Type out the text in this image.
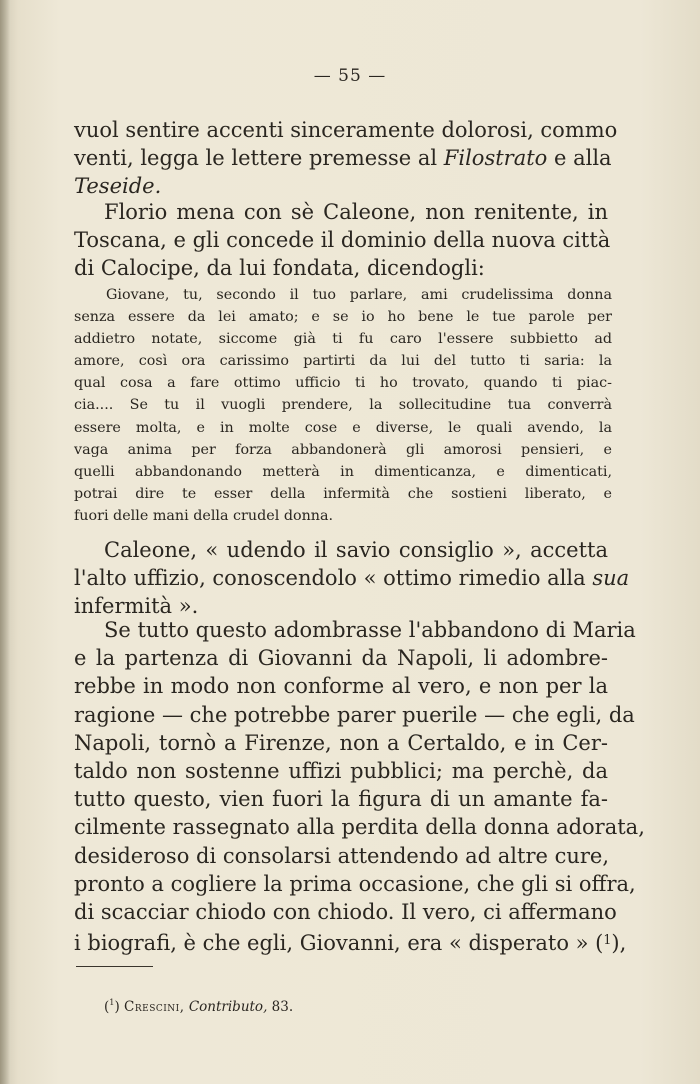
— 55 —
vuol sentire accenti sinceramente dolorosi, commo
venti, legga le lettere premesse al Filostrato e alla
Teseide.
Florio mena con sè Caleone, non renitente, in
Toscana, e gli concede il dominio della nuova città
di Calocipe, da lui fondata, dicendogli:
Giovane, tu, secondo il tuo parlare, ami crudelissima donna
senza essere da lei amato; e se io ho bene le tue parole per
addietro notate, siccome già ti fu caro l'essere subbietto ad
amore, così ora carissimo partirti da lui del tutto ti saria: la
qual cosa a fare ottimo ufficio ti ho trovato, quando ti piac-
cia.... Se tu il vuogli prendere, la sollecitudine tua converrà
essere molta, e in molte cose e diverse, le quali avendo, la
vaga anima per forza abbandonerà gli amorosi pensieri, e
quelli abbandonando metterà in dimenticanza, e dimenticati,
potrai dire te esser della infermità che sostieni liberato, e
fuori delle mani della crudel donna.
Caleone, « udendo il savio consiglio », accetta
l'alto uffizio, conoscendolo « ottimo rimedio alla sua
infermità ».
Se tutto questo adombrasse l'abbandono di Maria
e la partenza di Giovanni da Napoli, li adombre-
rebbe in modo non conforme al vero, e non per la
ragione — che potrebbe parer puerile — che egli, da
Napoli, tornò a Firenze, non a Certaldo, e in Cer-
taldo non sostenne uffizi pubblici; ma perchè, da
tutto questo, vien fuori la figura di un amante fa-
cilmente rassegnato alla perdita della donna adorata,
desideroso di consolarsi attendendo ad altre cure,
pronto a cogliere la prima occasione, che gli si offra,
di scacciar chiodo con chiodo. Il vero, ci affermano
i biografi, è che egli, Giovanni, era « disperato » ($^1$),
($^1$) Crescini, Contributo, 83.
